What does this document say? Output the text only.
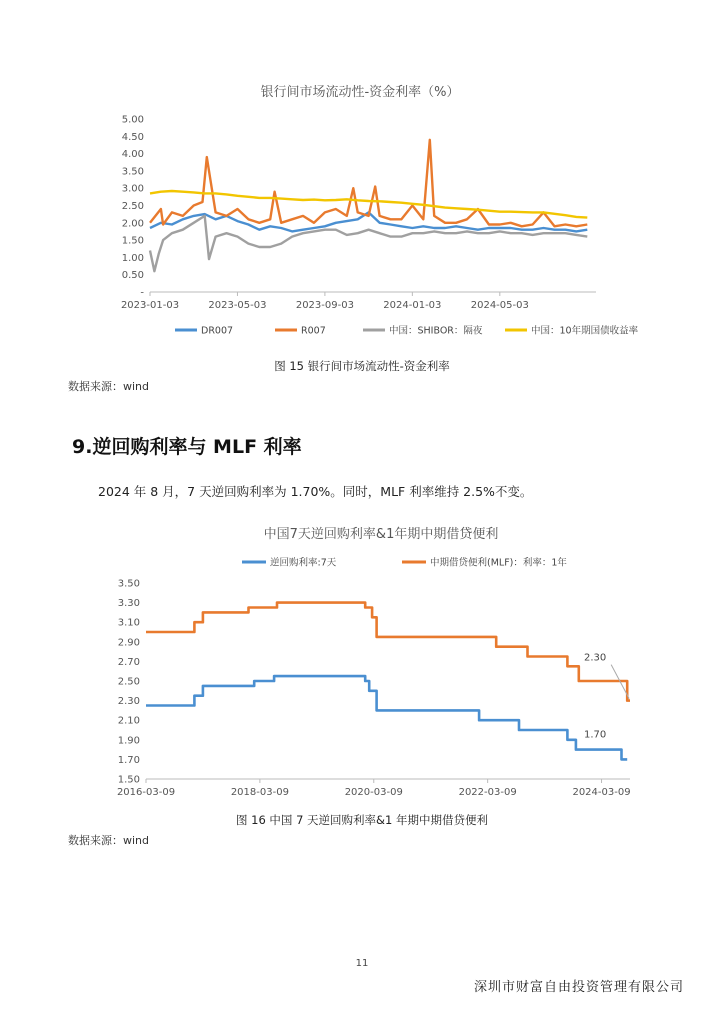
银行间市场流动性-资金利率（%）
5.00
4.50
4.00
3.50
3.00
2.50
2.00
1.50
1.00
0.50
-
2023-01-03	2023-05-03	2023-09-03	2024-01-03	2024-05-03
DR007	R007	中国：SHIBOR：隔夜	中国：10年期国债收益率
图 15 银行间市场流动性-资金利率
数据来源：wind
9.逆回购利率与 MLF 利率
2024 年 8 月，7 天逆回购利率为 1.70%。同时，MLF 利率维持 2.5%不变。
中国7天逆回购利率&1年期中期借贷便利
逆回购利率:7天	中期借贷便利(MLF)：利率：1年
3.50
3.30
3.10
2.90
2.70
2.50
2.30
2.10
1.90
1.70
1.50
2016-03-09	2018-03-09	2020-03-09	2022-03-09	2024-03-09
2.30
1.70
图 16 中国 7 天逆回购利率&1 年期中期借贷便利
数据来源：wind
11
深圳市财富自由投资管理有限公司
